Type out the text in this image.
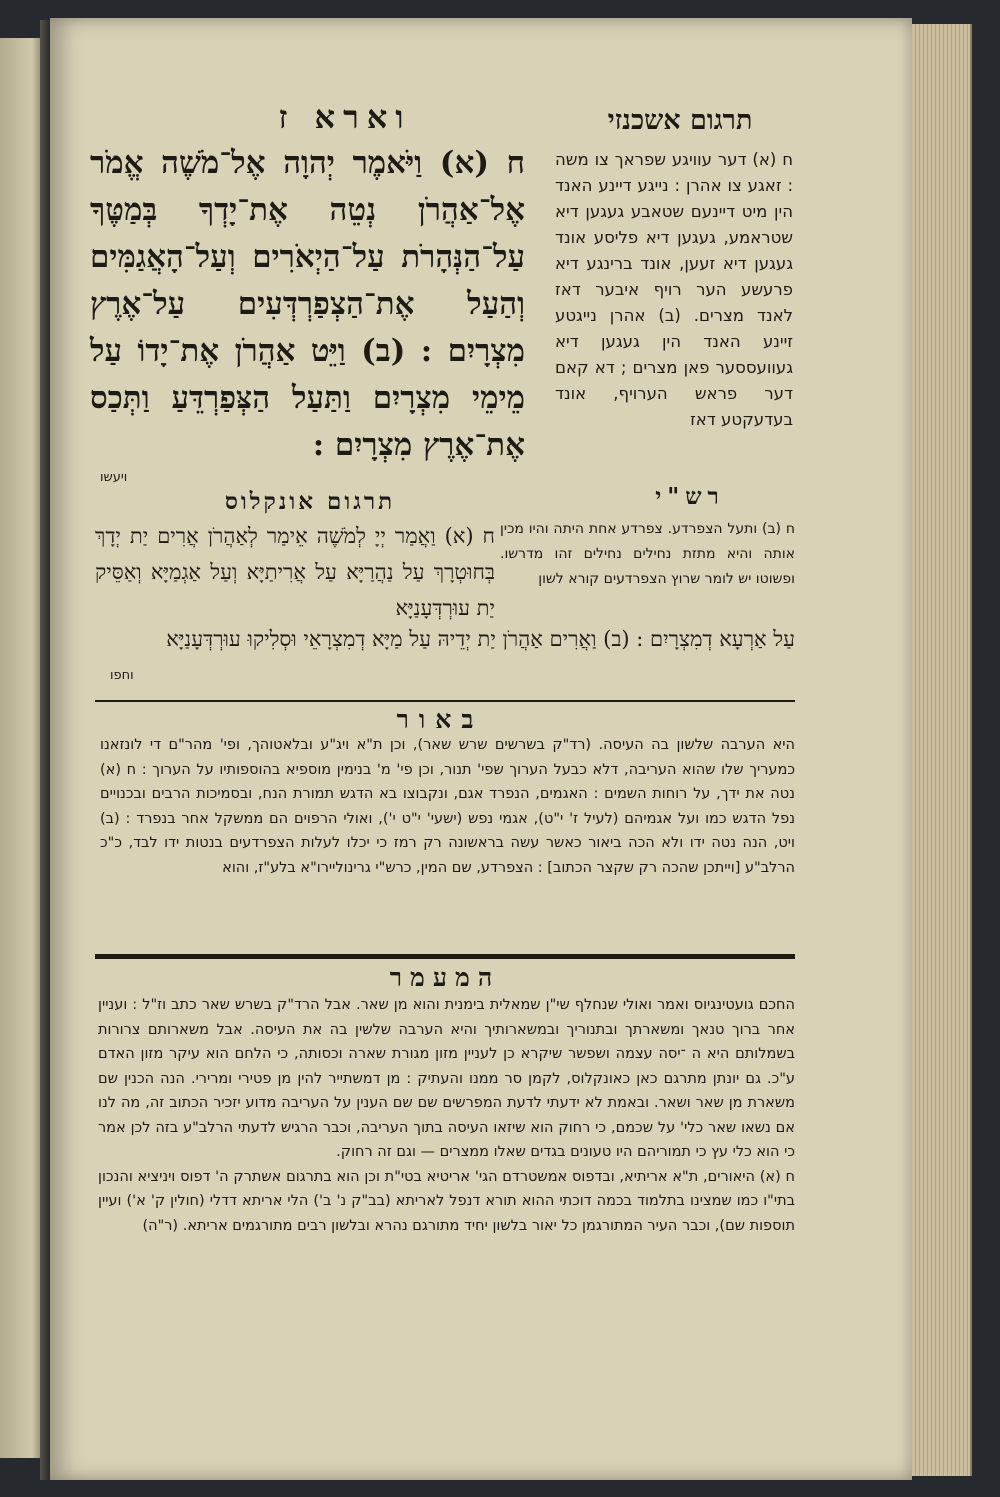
תרגום אשכנזי
וארא ז
ח (א) דער עוויגע שפראך צו משה : זאגע צו אהרן : נייגע דיינע האנד הין מיט דיינעם שטאבע געגען דיא שטראמע, געגען דיא פליסע אונד געגען דיא זעען, אונד ברינגע דיא פרעשע הער רויף איבער דאז לאנד מצרים. (ב) אהרן נייגטע זיינע האנד הין געגען דיא געוועססער פאן מצרים ; דא קאם דער פראש הערויף, אונד בעדעקטע דאז
ח (א) וַיֹּאמֶר יְהוָה אֶל־מֹשֶׁה אֱמֹר אֶל־אַהֲרֹן נְטֵה אֶת־יָדְךָ בְּמַטֶּךָ עַל־הַנְּהָרֹת עַל־הַיְאֹרִים וְעַל־הָאֲגַמִּים וְהַעַל אֶת־הַצְפַרְדְּעִים עַל־אֶרֶץ מִצְרָיִם : (ב) וַיֵּט אַהֲרֹן אֶת־יָדוֹ עַל מֵימֵי מִצְרָיִם וַתַּעַל הַצְּפַרְדֵּעַ וַתְּכַס אֶת־אֶרֶץ מִצְרָיִם :
ויעשו
תרגום אונקלוס
ח (א) וַאֲמַר יְיָ לְמֹשֶׁה אֵימַר לְאַהֲרֹן אֲרִים יַת יְדָךְ בְּחוּטְרָךְ עַל נַהֲרַיָּא עַל אֲרִיתַיָּא וְעַל אַגְמַיָּא וְאַסֵּיק יַת עוּרְדְּעָנַיָּא
רש"י
ח (ב) ותעל הצפרדע. צפרדע אחת היתה והיו מכין אותה והיא מתזת נחילים נחילים זהו מדרשו. ופשוטו יש לומר שרוץ הצפרדעים קורא לשון
עַל אַרְעָא דְמִצְרָיִם : (ב) וַאֲרִים אַהֲרֹן יַת יְדֵיהּ עַל מַיָּא דְמִצְרָאֵי וּסְלִיקוּ עוּרְדְּעָנַיָּא
וחפו
באור
היא הערבה שלשון בה העיסה. (רד"ק בשרשים שרש שאר), וכן ת"א ויג"ע ובלאטוהך, ופי' מהר"ם די לונזאנו כמעריך שלו שהוא העריבה, דלא כבעל הערוך שפי' תנור, וכן פי' מ' בנימין מוספיא בהוספותיו על הערוך : ח (א) נטה את ידך, על רוחות השמים : האגמים, הנפרד אגם, ונקבוצו בא הדגש תמורת הנח, ובסמיכות הרבים ובכנויים נפל הדגש כמו ועל אגמיהם (לעיל ז' י"ט), אגמי נפש (ישעי' י"ט י'), ואולי הרפוים הם ממשקל אחר בנפרד : (ב) ויט, הנה נטה ידו ולא הכה ביאור כאשר עשה בראשונה רק רמז כי יכלו לעלות הצפרדעים בנטות ידו לבד, כ"כ הרלב"ע [וייתכן שהכה רק שקצר הכתוב] : הצפרדע, שם המין, כרש"י גרינוליירו"א בלע"ז, והוא
המעמר
החכם גועטינגיוס ואמר ואולי שנחלף שי"ן שמאלית בימנית והוא מן שאר. אבל הרד"ק בשרש שאר כתב וז"ל : ועניין אחר ברוך טנאך ומשארתך ובתנוריך ובמשארותיך והיא הערבה שלשין בה את העיסה. אבל משארותם צרורות בשמלותם היא ה ־יסה עצמה ושפשר שיקרא כן לעניין מזון מגורת שארה וכסותה, כי הלחם הוא עיקר מזון האדם ע"כ. גם יונתן מתרגם כאן כאונקלוס, לקמן סר ממנו והעתיק : מן דמשתייר להין מן פטירי ומרירי. הנה הכנין שם משארת מן שאר ושאר. ובאמת לא ידעתי לדעת המפרשים שם שם הענין על העריבה מדוע יזכיר הכתוב זה, מה לנו אם נשאו שאר כלי' על שכמם, כי רחוק הוא שיזאו העיסה בתוך העריבה, וכבר הרגיש לדעתי הרלב"ע בזה לכן אמר כי הוא כלי עץ כי תמוריהם היו טעונים בגדים שאלו ממצרים — וגם זה רחוק.
ח (א) היאורים, ת"א אריתיא, ובדפוס אמשטרדם הגי' אריטיא בטי"ת וכן הוא בתרגום אשתרק ה' דפוס ויניציא והנכון בתי"ו כמו שמצינו בתלמוד בכמה דוכתי ההוא תורא דנפל לאריתא (בב"ק נ' ב') הלי אריתא דדלי (חולין ק' א') ועיין תוספות שם), וכבר העיר המתורגמן כל יאור בלשון יחיד מתורגם נהרא ובלשון רבים מתורגמים אריתא. (ר"ה)
